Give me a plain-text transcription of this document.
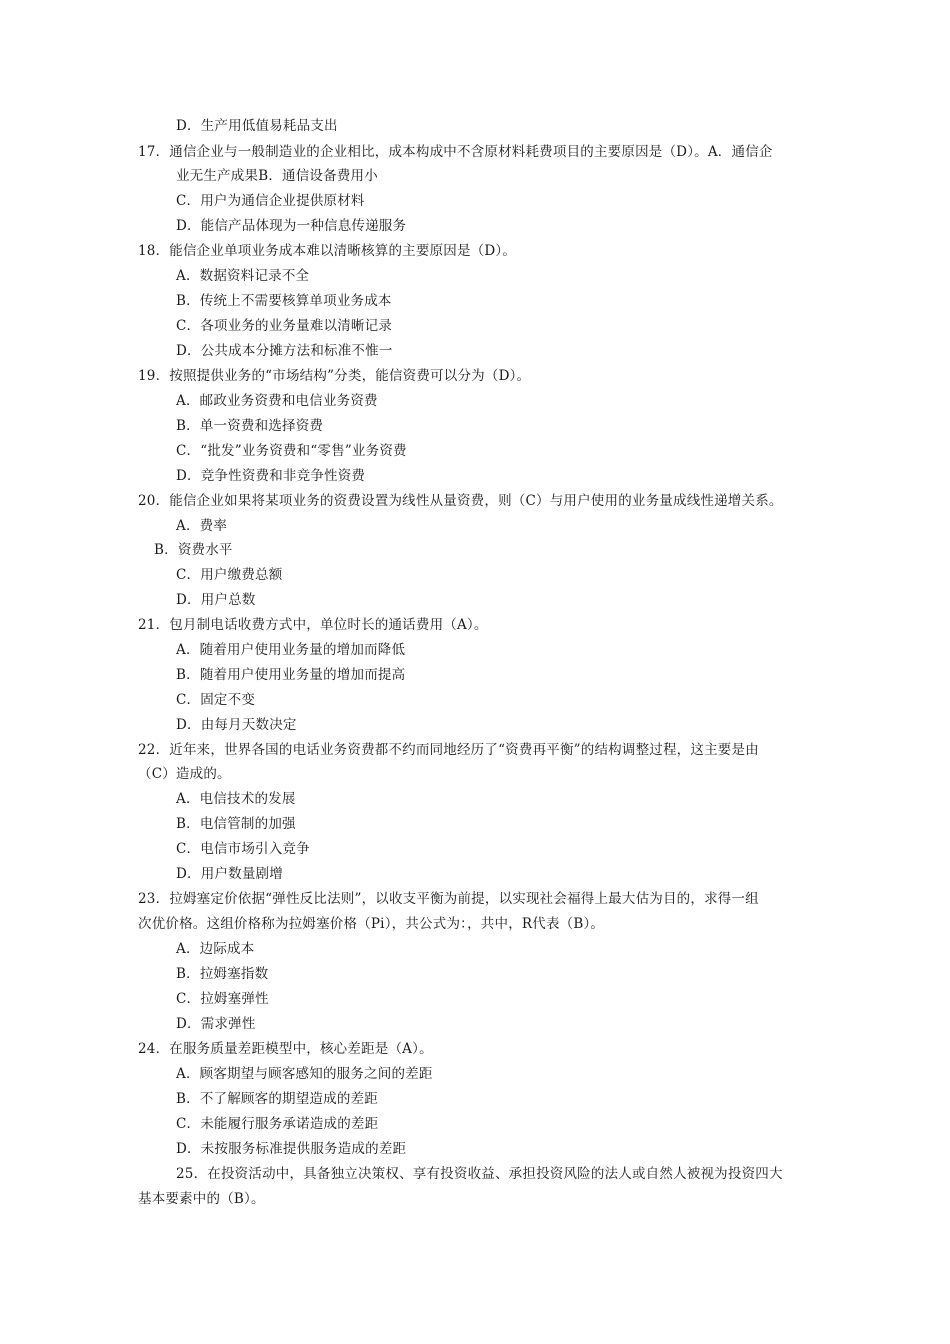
D．生产用低值易耗品支出
17．通信企业与一般制造业的企业相比，成本构成中不含原材料耗费项目的主要原因是（D）。A．通信企
业无生产成果B．通信设备费用小
C．用户为通信企业提供原材料
D．能信产品体现为一种信息传递服务
18．能信企业单项业务成本难以清晰核算的主要原因是（D）。
A．数据资料记录不全
B．传统上不需要核算单项业务成本
C．各项业务的业务量难以清晰记录
D．公共成本分摊方法和标准不惟一
19．按照提供业务的“市场结构”分类，能信资费可以分为（D）。
A．邮政业务资费和电信业务资费
B．单一资费和选择资费
C．“批发”业务资费和“零售”业务资费
D．竞争性资费和非竞争性资费
20．能信企业如果将某项业务的资费设置为线性从量资费，则（C）与用户使用的业务量成线性递增关系。
A．费率
B．资费水平
C．用户缴费总额
D．用户总数
21．包月制电话收费方式中，单位时长的通话费用（A）。
A．随着用户使用业务量的增加而降低
B．随着用户使用业务量的增加而提高
C．固定不变
D．由每月天数决定
22．近年来，世界各国的电话业务资费都不约而同地经历了“资费再平衡”的结构调整过程，这主要是由
（C）造成的。
A．电信技术的发展
B．电信管制的加强
C．电信市场引入竞争
D．用户数量剧增
23．拉姆塞定价依据“弹性反比法则”，以收支平衡为前提，以实现社会福得上最大估为目的，求得一组
次优价格。这组价格称为拉姆塞价格（Pi），共公式为：，共中，R代表（B）。
A．边际成本
B．拉姆塞指数
C．拉姆塞弹性
D．需求弹性
24．在服务质量差距模型中，核心差距是（A）。
A．顾客期望与顾客感知的服务之间的差距
B．不了解顾客的期望造成的差距
C．未能履行服务承诺造成的差距
D．未按服务标准提供服务造成的差距
25．在投资活动中，具备独立决策权、享有投资收益、承担投资风险的法人或自然人被视为投资四大
基本要素中的（B）。
